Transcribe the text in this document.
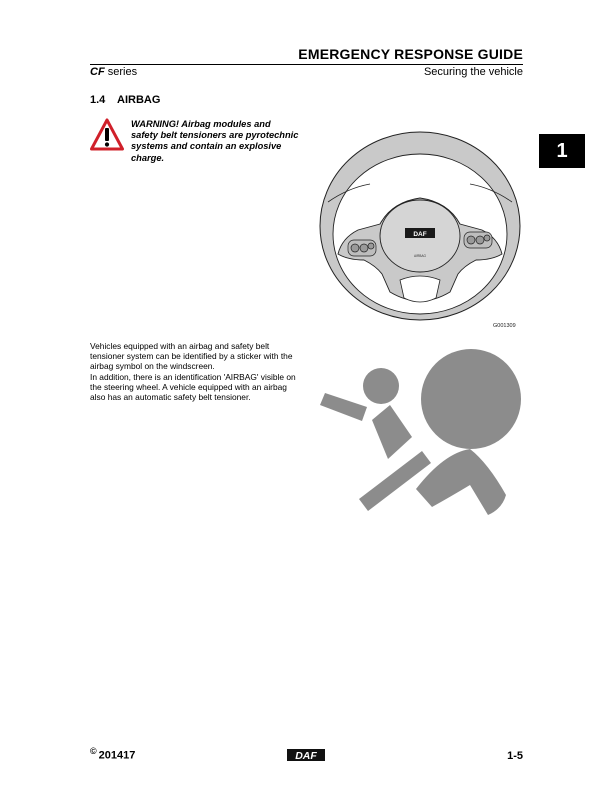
EMERGENCY RESPONSE GUIDE
CF series	Securing the vehicle
1.4 AIRBAG
WARNING! Airbag modules and safety belt tensioners are pyrotechnic systems and contain an explosive charge.
DAF
AIRBAG
G001309
Vehicles equipped with an airbag and safety belt tensioner system can be identified by a sticker with the airbag symbol on the windscreen.
In addition, there is an identification 'AIRBAG' visible on the steering wheel. A vehicle equipped with an airbag also has an automatic safety belt tensioner.
1
© 201417	DAF	1-5
